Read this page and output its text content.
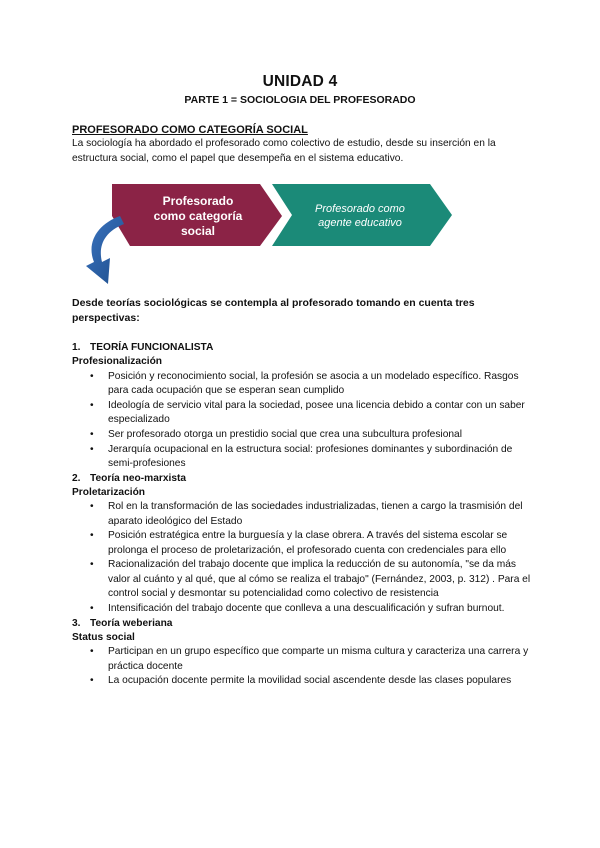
UNIDAD 4
PARTE 1 = SOCIOLOGIA DEL PROFESORADO
PROFESORADO COMO CATEGORÍA SOCIAL
La sociología ha abordado el profesorado como colectivo de estudio, desde su inserción en la estructura social, como el papel que desempeña en el sistema educativo.
Profesorado
como categoría
social
Profesorado como
agente educativo
Desde teorías sociológicas se contempla al profesorado tomando en cuenta tres perspectivas:
1. TEORÍA FUNCIONALISTA
Profesionalización
• Posición y reconocimiento social, la profesión se asocia a un modelado específico. Rasgos para cada ocupación que se esperan sean cumplido
• Ideología de servicio vital para la sociedad, posee una licencia debido a contar con un saber especializado
• Ser profesorado otorga un prestidio social que crea una subcultura profesional
• Jerarquía ocupacional en la estructura social: profesiones dominantes y subordinación de semi-profesiones
2. Teoría neo-marxista
Proletarización
• Rol en la transformación de las sociedades industrializadas, tienen a cargo la trasmisión del aparato ideológico del Estado
• Posición estratégica entre la burguesía y la clase obrera. A través del sistema escolar se prolonga el proceso de proletarización, el profesorado cuenta con credenciales para ello
• Racionalización del trabajo docente que implica la reducción de su autonomía, "se da más valor al cuánto y al qué, que al cómo se realiza el trabajo" (Fernández, 2003, p. 312) . Para el control social y desmontar su potencialidad como colectivo de resistencia
• Intensificación del trabajo docente que conlleva a una descualificación y sufran burnout.
3. Teoría weberiana
Status social
• Participan en un grupo específico que comparte un misma cultura y caracteriza una carrera y práctica docente
• La ocupación docente permite la movilidad social ascendente desde las clases populares
